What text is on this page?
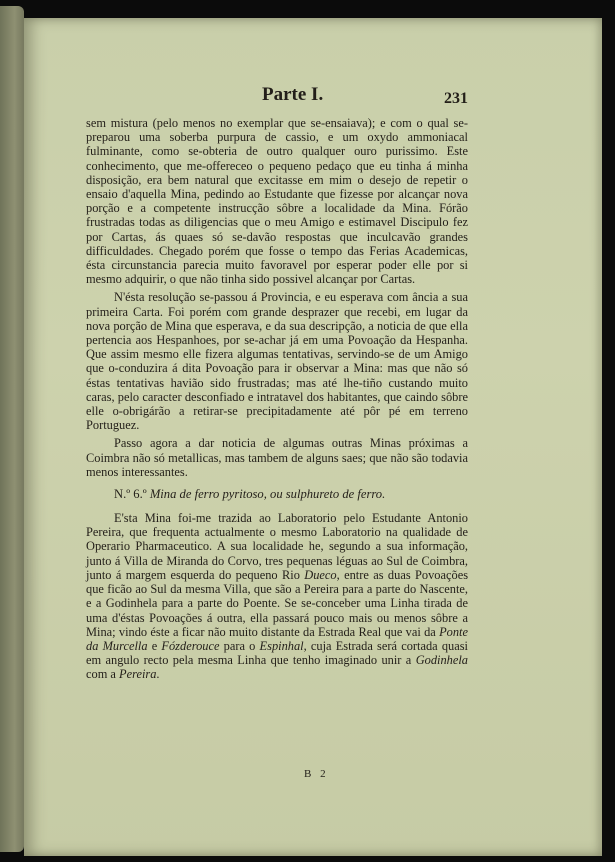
Parte I.	231

sem mistura (pelo menos no exemplar que se-ensaiava); e com o qual se-preparou uma soberba purpura de cassio, e um oxydo ammoniacal fulminante, como se-obteria de outro qualquer ouro purissimo. Este conhecimento, que me-offereceo o pequeno pedaço que eu tinha á minha disposição, era bem natural que excitasse em mim o desejo de repetir o ensaio d'aquella Mina, pedindo ao Estudante que fizesse por alcançar nova porção e a competente instrucção sôbre a localidade da Mina. Fórão frustradas todas as diligencias que o meu Amigo e estimavel Discipulo fez por Cartas, ás quaes só se-davão respostas que inculcavão grandes difficuldades. Chegado porém que fosse o tempo das Ferias Academicas, ésta circunstancia parecia muito favoravel por esperar poder elle por si mesmo adquirir, o que não tinha sido possivel alcançar por Cartas.

N'ésta resolução se-passou á Provincia, e eu esperava com ância a sua primeira Carta. Foi porém com grande desprazer que recebi, em lugar da nova porção de Mina que esperava, e da sua descripção, a noticia de que ella pertencia aos Hespanhoes, por se-achar já em uma Povoação da Hespanha. Que assim mesmo elle fizera algumas tentativas, servindo-se de um Amigo que o-conduzira á dita Povoação para ir observar a Mina: mas que não só éstas tentativas havião sido frustradas; mas até lhe-tiño custando muito caras, pelo caracter desconfiado e intratavel dos habitantes, que caindo sôbre elle o-obrigárão a retirar-se precipitadamente até pôr pé em terreno Portuguez.

Passo agora a dar noticia de algumas outras Minas próximas a Coimbra não só metallicas, mas tambem de alguns saes; que não são todavia menos interessantes.

N.º 6.º Mina de ferro pyritoso, ou sulphureto de ferro.

E'sta Mina foi-me trazida ao Laboratorio pelo Estudante Antonio Pereira, que frequenta actualmente o mesmo Laboratorio na qualidade de Operario Pharmaceutico. A sua localidade he, segundo a sua informação, junto á Villa de Miranda do Corvo, tres pequenas léguas ao Sul de Coimbra, junto á margem esquerda do pequeno Rio Dueco, entre as duas Povoações que ficão ao Sul da mesma Villa, que são a Pereira para a parte do Nascente, e a Godinhela para a parte do Poente. Se se-conceber uma Linha tirada de uma d'éstas Povoações á outra, ella passará pouco mais ou menos sôbre a Mina; vindo éste a ficar não muito distante da Estrada Real que vai da Ponte da Murcella e Fózderouce para o Espinhal, cuja Estrada será cortada quasi em angulo recto pela mesma Linha que tenho imaginado unir a Godinhela com a Pereira.

B 2
